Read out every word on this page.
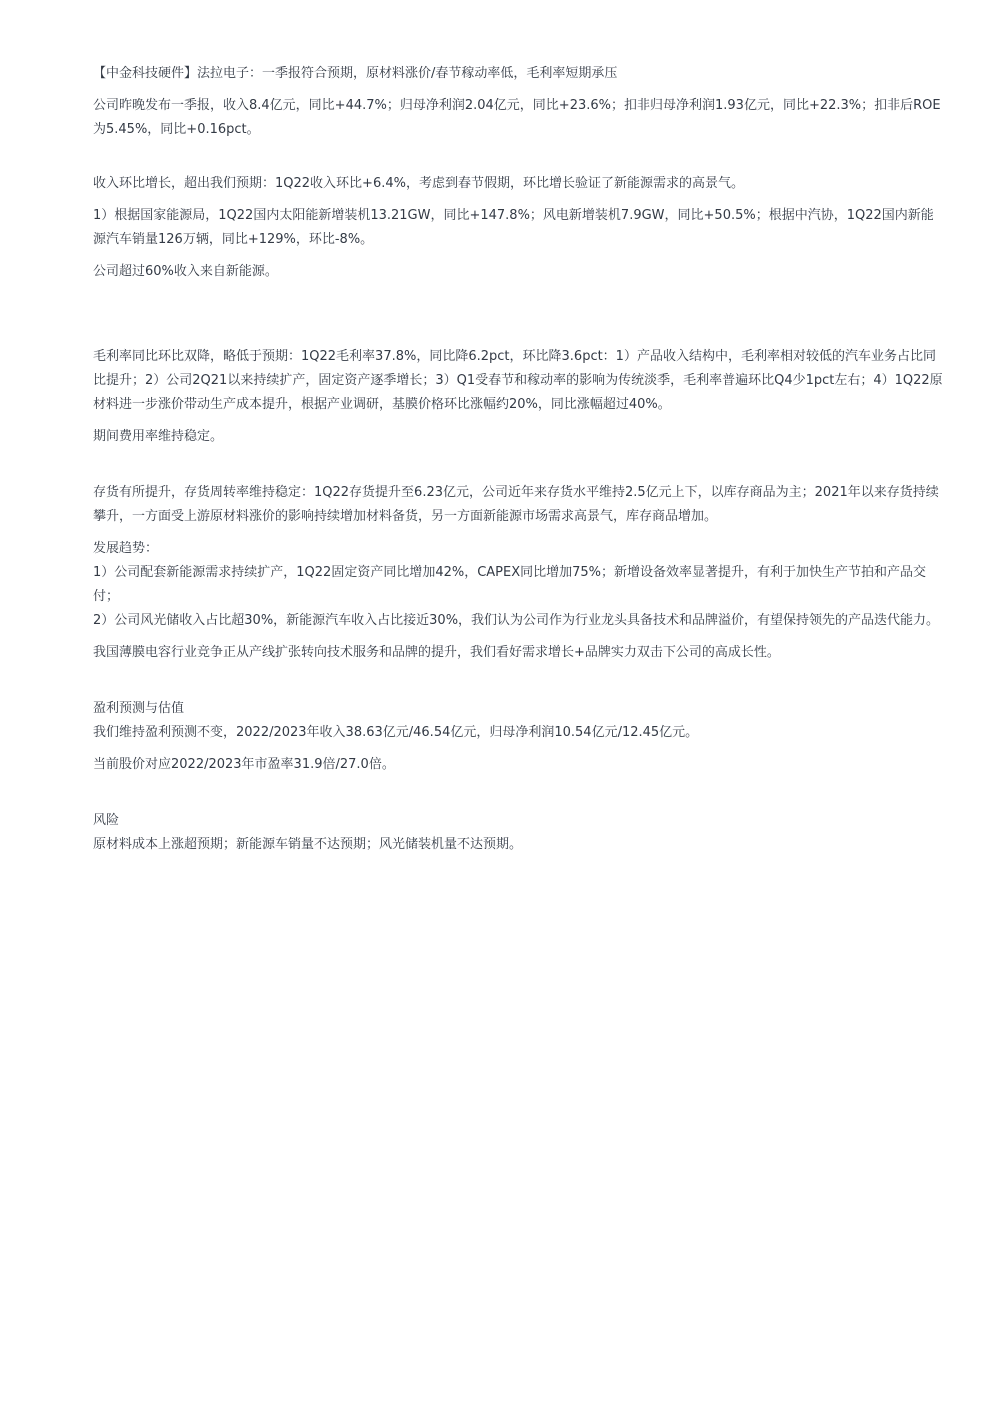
【中金科技硬件】法拉电子：一季报符合预期，原材料涨价/春节稼动率低，毛利率短期承压

公司昨晚发布一季报，收入8.4亿元，同比+44.7%；归母净利润2.04亿元，同比+23.6%；扣非归母净利润1.93亿元，同比+22.3%；扣非后ROE为5.45%，同比+0.16pct。

收入环比增长，超出我们预期：1Q22收入环比+6.4%，考虑到春节假期，环比增长验证了新能源需求的高景气。

1）根据国家能源局，1Q22国内太阳能新增装机13.21GW，同比+147.8%；风电新增装机7.9GW，同比+50.5%；根据中汽协，1Q22国内新能源汽车销量126万辆，同比+129%，环比-8%。

公司超过60%收入来自新能源。

毛利率同比环比双降，略低于预期：1Q22毛利率37.8%，同比降6.2pct，环比降3.6pct：1）产品收入结构中，毛利率相对较低的汽车业务占比同比提升；2）公司2Q21以来持续扩产，固定资产逐季增长；3）Q1受春节和稼动率的影响为传统淡季，毛利率普遍环比Q4少1pct左右；4）1Q22原材料进一步涨价带动生产成本提升，根据产业调研，基膜价格环比涨幅约20%，同比涨幅超过40%。

期间费用率维持稳定。

存货有所提升，存货周转率维持稳定：1Q22存货提升至6.23亿元，公司近年来存货水平维持2.5亿元上下，以库存商品为主；2021年以来存货持续攀升，一方面受上游原材料涨价的影响持续增加材料备货，另一方面新能源市场需求高景气，库存商品增加。

发展趋势：

1）公司配套新能源需求持续扩产，1Q22固定资产同比增加42%，CAPEX同比增加75%；新增设备效率显著提升，有利于加快生产节拍和产品交付；

2）公司风光储收入占比超30%，新能源汽车收入占比接近30%，我们认为公司作为行业龙头具备技术和品牌溢价，有望保持领先的产品迭代能力。

我国薄膜电容行业竞争正从产线扩张转向技术服务和品牌的提升，我们看好需求增长+品牌实力双击下公司的高成长性。

盈利预测与估值

我们维持盈利预测不变，2022/2023年收入38.63亿元/46.54亿元，归母净利润10.54亿元/12.45亿元。

当前股价对应2022/2023年市盈率31.9倍/27.0倍。

风险

原材料成本上涨超预期；新能源车销量不达预期；风光储装机量不达预期。
